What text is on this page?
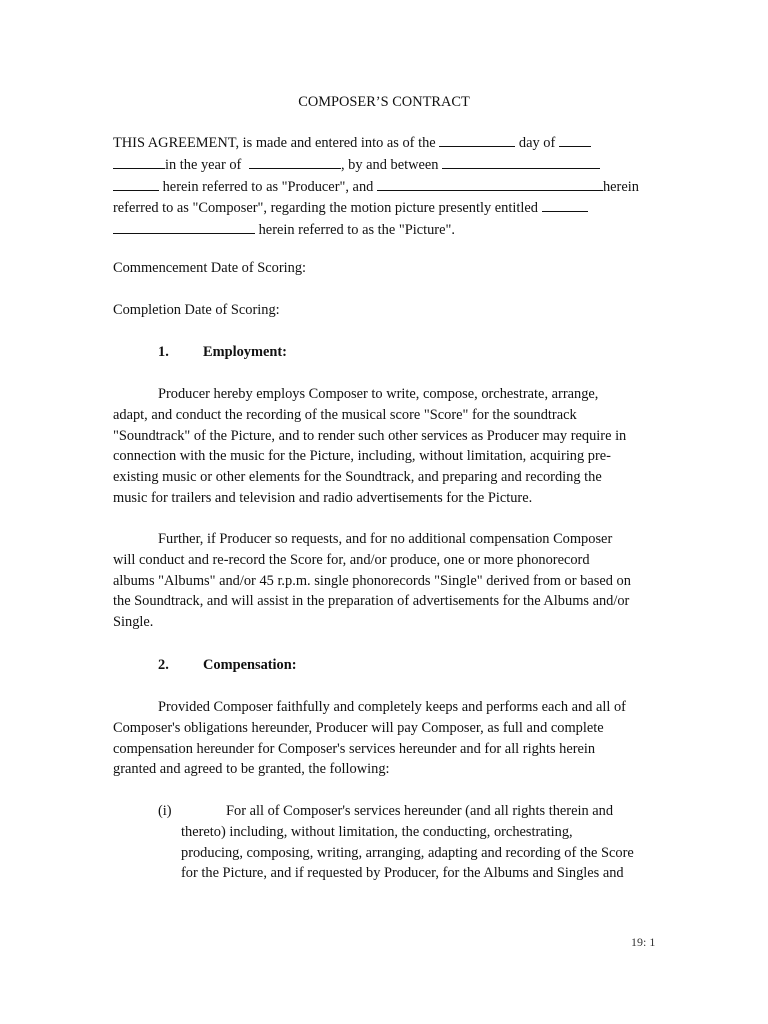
COMPOSER’S CONTRACT
THIS AGREEMENT, is made and entered into as of the	day of
in the year of	, by and between
herein referred to as "Producer", and	herein
referred to as "Composer", regarding the motion picture presently entitled
herein referred to as the "Picture".

Commencement Date of Scoring:

Completion Date of Scoring:

1. Employment:

Producer hereby employs Composer to write, compose, orchestrate, arrange,
adapt, and conduct the recording of the musical score "Score" for the soundtrack
"Soundtrack" of the Picture, and to render such other services as Producer may require in
connection with the music for the Picture, including, without limitation, acquiring pre-
existing music or other elements for the Soundtrack, and preparing and recording the
music for trailers and television and radio advertisements for the Picture.
Further, if Producer so requests, and for no additional compensation Composer
will conduct and re-record the Score for, and/or produce, one or more phonorecord
albums "Albums" and/or 45 r.p.m. single phonorecords "Single" derived from or based on
the Soundtrack, and will assist in the preparation of advertisements for the Albums and/or
Single.

2. Compensation:

Provided Composer faithfully and completely keeps and performs each and all of
Composer's obligations hereunder, Producer will pay Composer, as full and complete
compensation hereunder for Composer's services hereunder and for all rights herein
granted and agreed to be granted, the following:
(i)	For all of Composer's services hereunder (and all rights therein and
thereto) including, without limitation, the conducting, orchestrating,
producing, composing, writing, arranging, adapting and recording of the Score
for the Picture, and if requested by Producer, for the Albums and Singles and
19: 1
